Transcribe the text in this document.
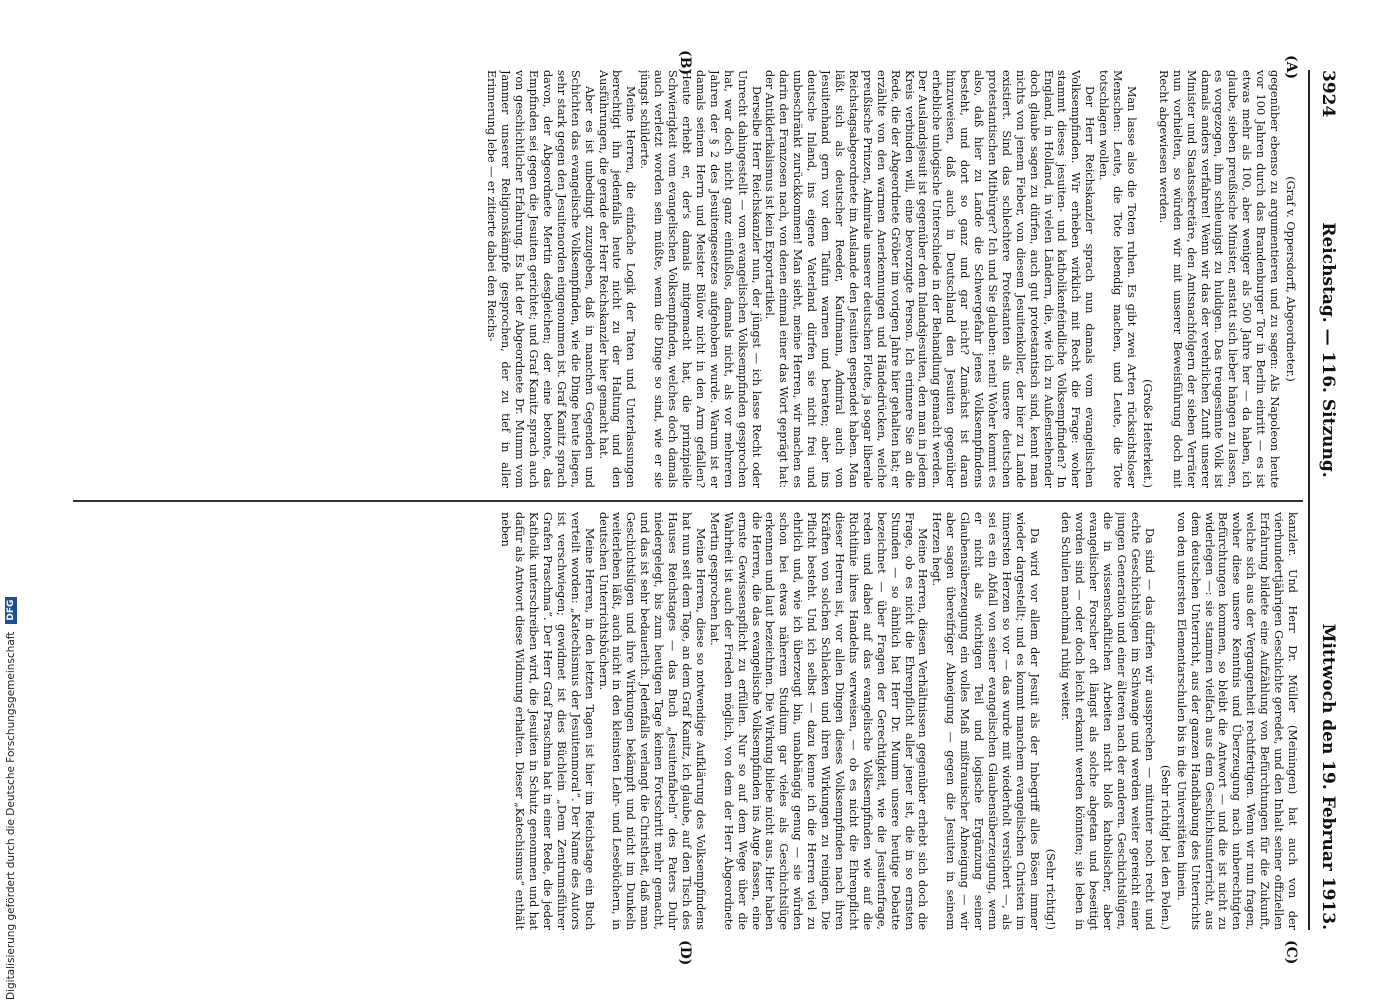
3924
Reichstag. — 116. Sitzung.
Mittwoch den 19. Februar 1913.
(A)
(B)
(C)
(D)

(Graf v. Oppersdorff, Abgeordneter.)

gegenüber ebenso zu argumentieren und zu sagen: Als Napoleon heute vor 100 Jahren durch das Brandenburger Tor in Berlin einritt — es ist etwas mehr als 100, aber weniger als 500 Jahre her — da haben, ich glaube, sieben preußische Minister, anstatt sich lieber hängen zu lassen, es vorgezogen, ihm schleunigst zu huldigen. Das treugesinnte Volk ist damals anders verfahren! Wenn wir das der verehrlichen Zunft unserer Minister und Staatssekretäre, den Amtsnachfolgern der sieben Verräter nun vorhielten, so würden wir mit unserer Beweisführung doch mit Recht abgewiesen werden.

(Große Heiterkeit.)

Man lasse also die Toten ruhen. Es gibt zwei Arten rücksichtsloser Menschen: Leute, die Tote lebendig machen, und Leute, die Tote totschlagen wollen.

Der Herr Reichskanzler sprach nun damals vom evangelischen Volksempfinden. Wir erheben wirklich mit Recht die Frage: woher stammt dieses jesuiten- und katholikenfeindliche Volksempfinden? In England, in Holland, in vielen Ländern, die, wie ich zu Außenstehender doch glaube sagen zu dürfen, auch gut protestantisch sind, kennt man nichts von jenem Fieber, von diesem Jesuitenkoller, der hier zu Lande existiert. Sind das schlechtere Protestanten als unsere deutschen protestantischen Mitbürger? Ich und Sie glauben: nein! Woher kommt es also, daß hier zu Lande die Schwergefahr jenes Volksempfindens besteht, und dort so ganz und gar nicht? Zunächst ist daran hinzuweisen, daß auch in Deutschland den Jesuiten gegenüber erhebliche unlogische Unterschiede in der Behandlung gemacht werden. Der Auslandsjesuit ist gegenüber dem Inlandsjesuiten, den man in jedem Kreis verbinden will, eine bevorzugte Person. Ich erinnere Sie an die Rede, die der Abgeordnete Gröber im vorigen Jahre hier gehalten hat; er erzählte von den warmen Anerkennungen und Händedrücken, welche preußische Prinzen, Admirale unserer deutschen Flotte, ja sogar liberale Reichstagsabgeordnete im Auslande den Jesuiten gespendet haben. Man läßt sich als deutscher Reeder, Kaufmann, Admiral auch von Jesuitenhand gern vor dem Taifun warnen und beraten; aber ins deutsche Inland, ins eigene Vaterland dürfen sie nicht frei und unbeschränkt zurückkommen! Man sieht, meine Herren, wir machen es darin den Franzosen nach, von denen einmal einer das Wort geprägt hat: der Antiklerikalismus ist kein Exportartikel.

Derselbe Herr Reichskanzler nun, der jüngst — ich lasse Recht oder Unrecht dahingestellt — vom evangelischen Volksempfinden gesprochen hat, war doch nicht ganz einflußlos, damals nicht, als vor mehreren Jahren der § 2 des Jesuitengesetzes aufgehoben wurde. Warum ist er damals seinem Herrn und Meister Bülow nicht in den Arm gefallen? Heute erhebt er, der's damals mitgemacht hat, die prinzipielle Schwierigkeit vom evangelischen Volksempfinden, welches doch damals auch verletzt worden sein müßte, wenn die Dinge so sind, wie er sie jüngst schilderte.

Meine Herren, die einfache Logik der Taten und Unterlassungen berechtigt ihn jedenfalls heute nicht zu der Haltung und den Ausführungen, die gerade der Herr Reichskanzler hier gemacht hat.

Aber es ist unbedingt zuzugeben, daß in manchen Gegenden und Schichten das evangelische Volksempfinden, wie die Dinge heute liegen, sehr stark gegen den Jesuitenorden eingenommen ist. Graf Kanitz sprach davon, der Abgeordnete Mertin desgleichen; der eine betonte, das Empfinden sei gegen die Jesuiten gerichtet; und Graf Kanitz sprach auch von geschichtlicher Erfahrung. Es hat der Abgeordnete Dr. Mumm vom Jammer unserer Religionskämpfe gesprochen, der zu tief in aller Erinnerung lebe — er zitierte dabei den Reichs-

kanzler. Und Herr Dr. Müller (Meiningen) hat auch von der vierhundertjährigen Geschichte geredet, und den Inhalt seiner offiziellen Erfahrung bildete eine Aufzählung von Befürchtungen für die Zukunft, welche sich aus der Vergangenheit rechtfertigen. Wenn wir nun fragen, woher diese unsere Kenntnis und Überzeugung nach unberechtigten Befürchtungen kommen, so bleibt die Antwort — und die ist nicht zu widerlegen —: sie stammen vielfach aus dem Geschichtsunterricht, aus dem deutschen Unterricht, aus der ganzen Handhabung des Unterrichts von den untersten Elementarschulen bis in die Universitäten hinein.

(Sehr richtig! bei den Polen.)

Da sind — das dürfen wir aussprechen — mitunter noch recht und echte Geschichtslügen im Schwange und werden weiter gereicht einer jungen Generation und einer älteren nach der anderen. Geschichtslügen, die in wissenschaftlichen Arbeiten nicht bloß katholischer, aber evangelischer Forscher oft längst als solche abgetan und beseitigt worden sind — oder doch leicht erkannt werden könnten; sie leben in den Schulen manchmal ruhig weiter.

(Sehr richtig!)

Da wird vor allem der Jesuit als der Inbegriff alles Bösen immer wieder dargestellt; und es kommt manchem evangelischen Christen im innersten Herzen so vor — das wurde mit wiederholt versichert —, als sei es ein Abfall von seiner evangelischen Glaubensüberzeugung, wenn er nicht als wichtigen Teil und logische Ergänzung seiner Glaubensüberzeugung ein volles Maß mißtrauischer Abneigung — wir aber sagen übereifriger Abneigung — gegen die Jesuiten in seinem Herzen hegt.

Meine Herren, diesen Verhältnissen gegenüber erhebt sich doch die Frage, ob es nicht die Ehrenpflicht aller jener ist, die in so ernsten Stunden — so ähnlich hat Herr Dr. Mumm unsere heutige Debatte bezeichnet — über Fragen der Gerechtigkeit, wie die Jesuitenfrage, reden und dabei auf das evangelische Volksempfinden wie auf die Richtlinie ihres Handelns verweisen, — ob es nicht die Ehrenpflicht dieser Herren ist, vor allen Dingen dieses Volksempfinden nach ihren Kräften von solchen Schlacken und ihren Wirkungen zu reinigen. Die Pflicht besteht. Und ich selbst — dazu kenne ich die Herren viel zu ehrlich und, wie ich überzeugt bin, unabhängig genug — sie würden schon bei etwas näherem Studium gar vieles als Geschichtslüge erkennen und laut bezeichnen. Die Wirkung bliebe nicht aus. Hier haben die Herren, die das evangelische Volksempfinden ins Auge fassen, eine ernste Gewissenspflicht zu erfüllen. Nur so auf dem Wege über die Wahrheit ist auch der Frieden möglich, von dem der Herr Abgeordnete Mertin gesprochen hat.

Meine Herren, diese so notwendige Aufklärung des Volksempfindens hat nun seit dem Tage, an dem Graf Kanitz, ich glaube, auf den Tisch des Hauses Reichstages — das Buch „Jesuitenfabeln“ des Paters Duhr niedergelegt, bis zum heutigen Tage keinen Fortschritt mehr gemacht, und das ist sehr bedauerlich. Jedenfalls verlangt die Christheit, daß man Geschichtslügen und ihre Wirkungen bekämpft und nicht im Dunkeln weiterleben läßt, auch nicht in den kleinsten Lehr- und Lesebüchern, in deutschen Unterrichtsbüchern.

Meine Herren, in den letzten Tagen ist hier im Reichstage ein Buch verteilt worden: „Katechismus der Jesuitenmoral“. Der Name des Autors ist verschwiegen; gewidmet ist dies Büchlein „Dem Zentrumsführer Grafen Praschma“. Der Herr Graf Praschma hat in einer Rede, die jeder Katholik unterschreiben wird, die Jesuiten in Schutz genommen und hat dafür als Antwort diese Widmung erhalten. Dieser „Katechismus“ enthält neben

Digitalisierung gefördert durch die Deutsche Forschungsgemeinschaft
DFG
